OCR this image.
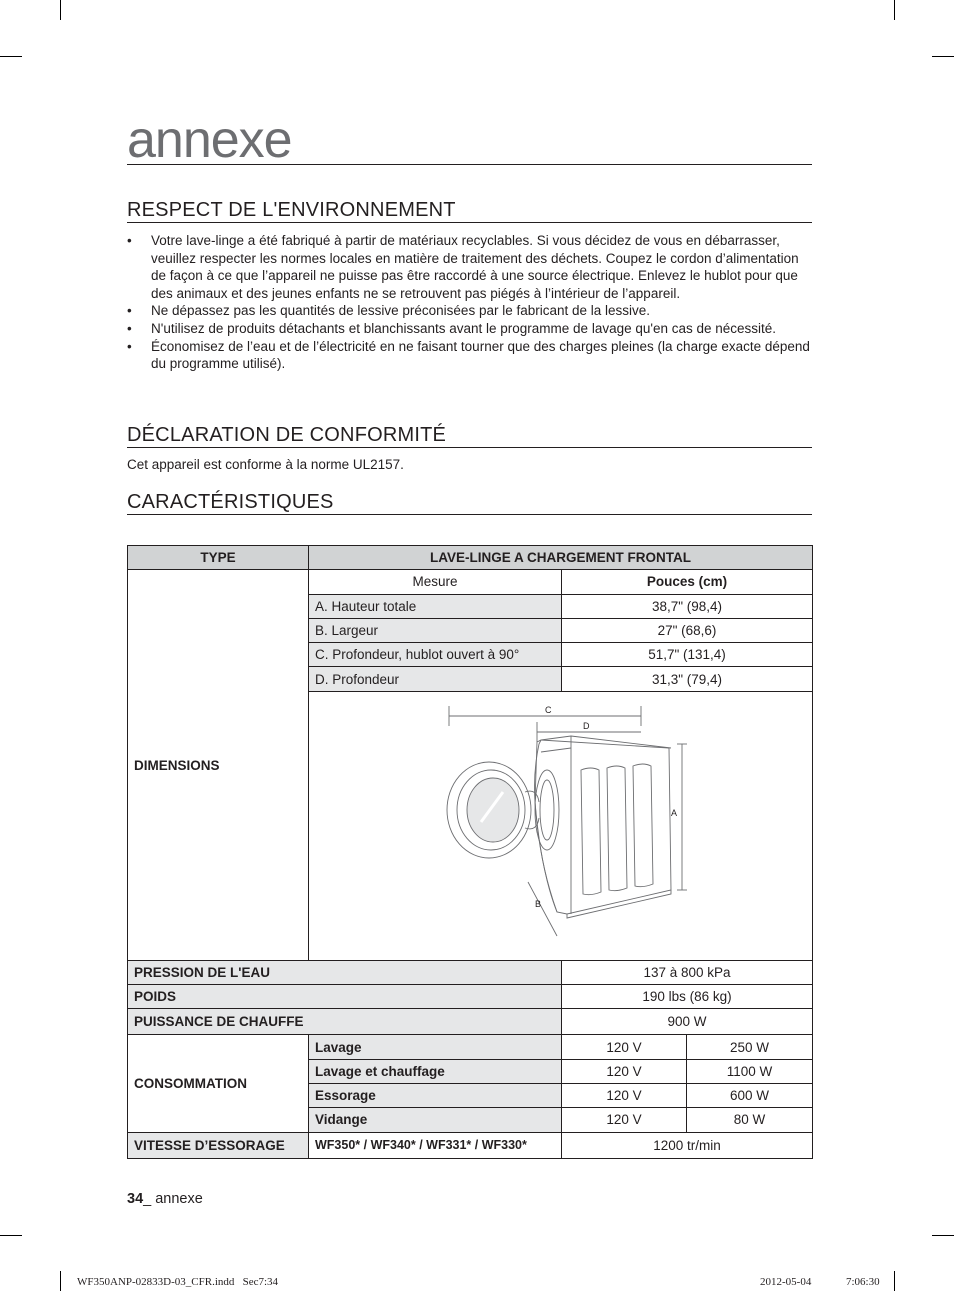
annexe
RESPECT DE L'ENVIRONNEMENT
• Votre lave-linge a été fabriqué à partir de matériaux recyclables. Si vous décidez de vous en débarrasser, veuillez respecter les normes locales en matière de traitement des déchets. Coupez le cordon d’alimentation de façon à ce que l’appareil ne puisse pas être raccordé à une source électrique. Enlevez le hublot pour que des animaux et des jeunes enfants ne se retrouvent pas piégés à l’intérieur de l’appareil.
• Ne dépassez pas les quantités de lessive préconisées par le fabricant de la lessive.
• N'utilisez de produits détachants et blanchissants avant le programme de lavage qu'en cas de nécessité.
• Économisez de l’eau et de l’électricité en ne faisant tourner que des charges pleines (la charge exacte dépend du programme utilisé).
DÉCLARATION DE CONFORMITÉ
Cet appareil est conforme à la norme UL2157.
CARACTÉRISTIQUES
TYPE	LAVE-LINGE A CHARGEMENT FRONTAL		
DIMENSIONS	Mesure	Pouces (cm)	
	A. Hauteur totale	38,7" (98,4)	
	B. Largeur	27" (68,6)	
	C. Profondeur, hublot ouvert à 90°	51,7" (131,4)	
	D. Profondeur	31,3" (79,4)	

C
D
A
B		

PRESSION DE L'EAU		137 à 800 kPa	
POIDS		190 lbs (86 kg)	
PUISSANCE DE CHAUFFE		900 W	
CONSOMMATION	Lavage	120 V	250 W
	Lavage et chauffage	120 V	1100 W
	Essorage	120 V	600 W
	Vidange	120 V	80 W
VITESSE D’ESSORAGE	WF350* / WF340* / WF331* / WF330*	1200 tr/min	
34_ annexe
WF350ANP-02833D-03_CFR.indd   Sec7:34	2012-05-04	7:06:30
